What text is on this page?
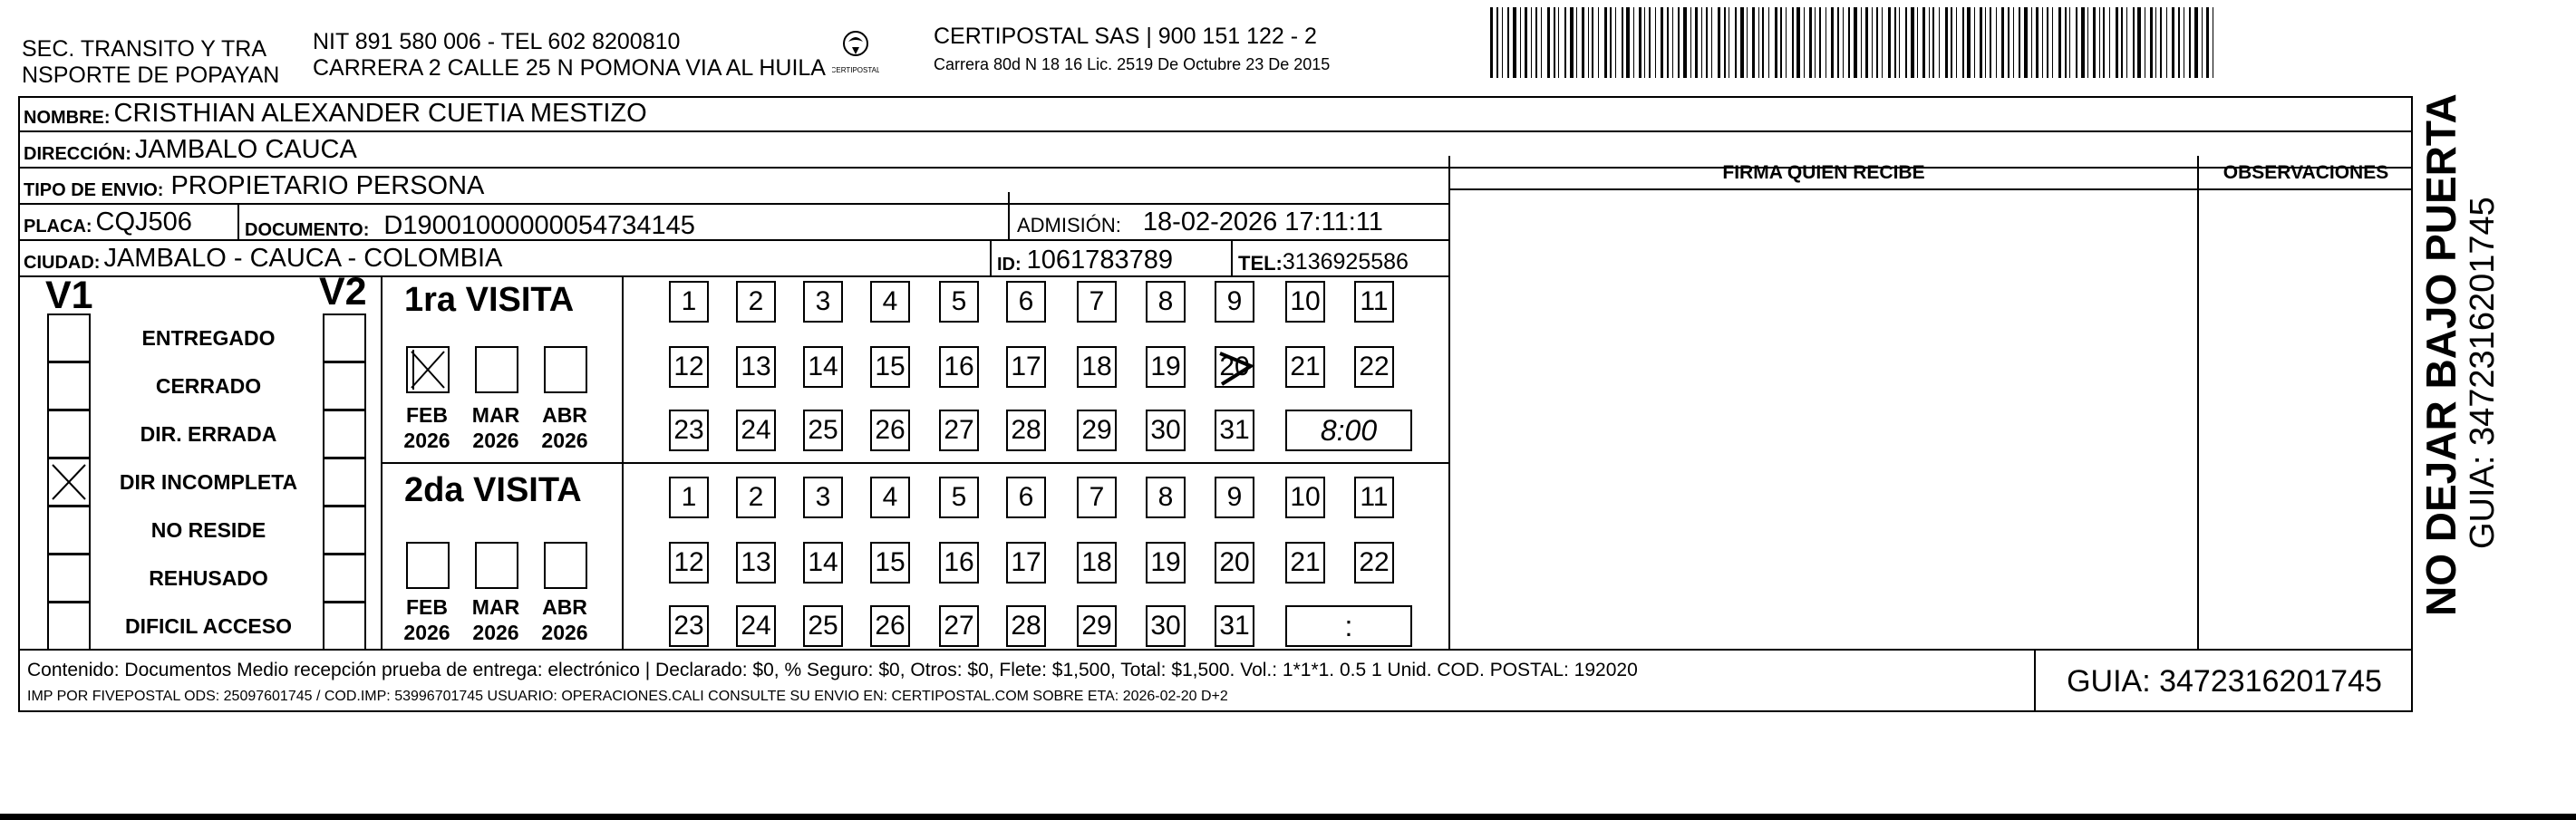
SEC. TRANSITO Y TRA
NSPORTE DE POPAYAN
NIT 891 580 006 - TEL 602 8200810
CARRERA 2 CALLE 25 N POMONA VIA AL HUILA CERTIPOSTAL
CERTIPOSTAL SAS | 900 151 122 - 2
Carrera 80d N 18 16 Lic. 2519 De Octubre 23 De 2015
NOMBRE: CRISTHIAN ALEXANDER CUETIA MESTIZO
DIRECCIÓN: JAMBALO CAUCA
TIPO DE ENVIO: PROPIETARIO PERSONA
PLACA: CQJ506
CIUDAD: JAMBALO - CAUCA - COLOMBIA
DOCUMENTO: D19001000000054734145	ADMISIÓN: 18-02-2026 17:11:11
ID: 1061783789	TEL: 3136925586
FIRMA QUIEN RECIBE	OBSERVACIONES
V1	V2
ENTREGADO
CERRADO
DIR. ERRADA
DIR INCOMPLETA
NO RESIDE
REHUSADO
DIFICIL ACCESO
1ra VISITA
2da VISITA
FEB
2026
MAR
2026
ABR
2026
FEB
2026
MAR
2026
ABR
2026
1 2 3 4 5 6 7 8 9 10 11
12 13 14 15 16 17 18 19 20 21 22
23 24 25 26 27 28 29 30 31 8:00
1 2 3 4 5 6 7 8 9 10 11
12 13 14 15 16 17 18 19 20 21 22
23 24 25 26 27 28 29 30 31	:
Contenido: Documentos Medio recepción prueba de entrega: electrónico | Declarado: $0, % Seguro: $0, Otros: $0, Flete: $1,500, Total: $1,500. Vol.: 1*1*1. 0.5 1 Unid. COD. POSTAL: 192020
IMP POR FIVEPOSTAL ODS: 25097601745 / COD.IMP: 53996701745 USUARIO: OPERACIONES.CALI CONSULTE SU ENVIO EN: CERTIPOSTAL.COM SOBRE ETA: 2026-02-20 D+2	GUIA: 3472316201745
NO DEJAR BAJO PUERTA GUIA: 3472316201745
